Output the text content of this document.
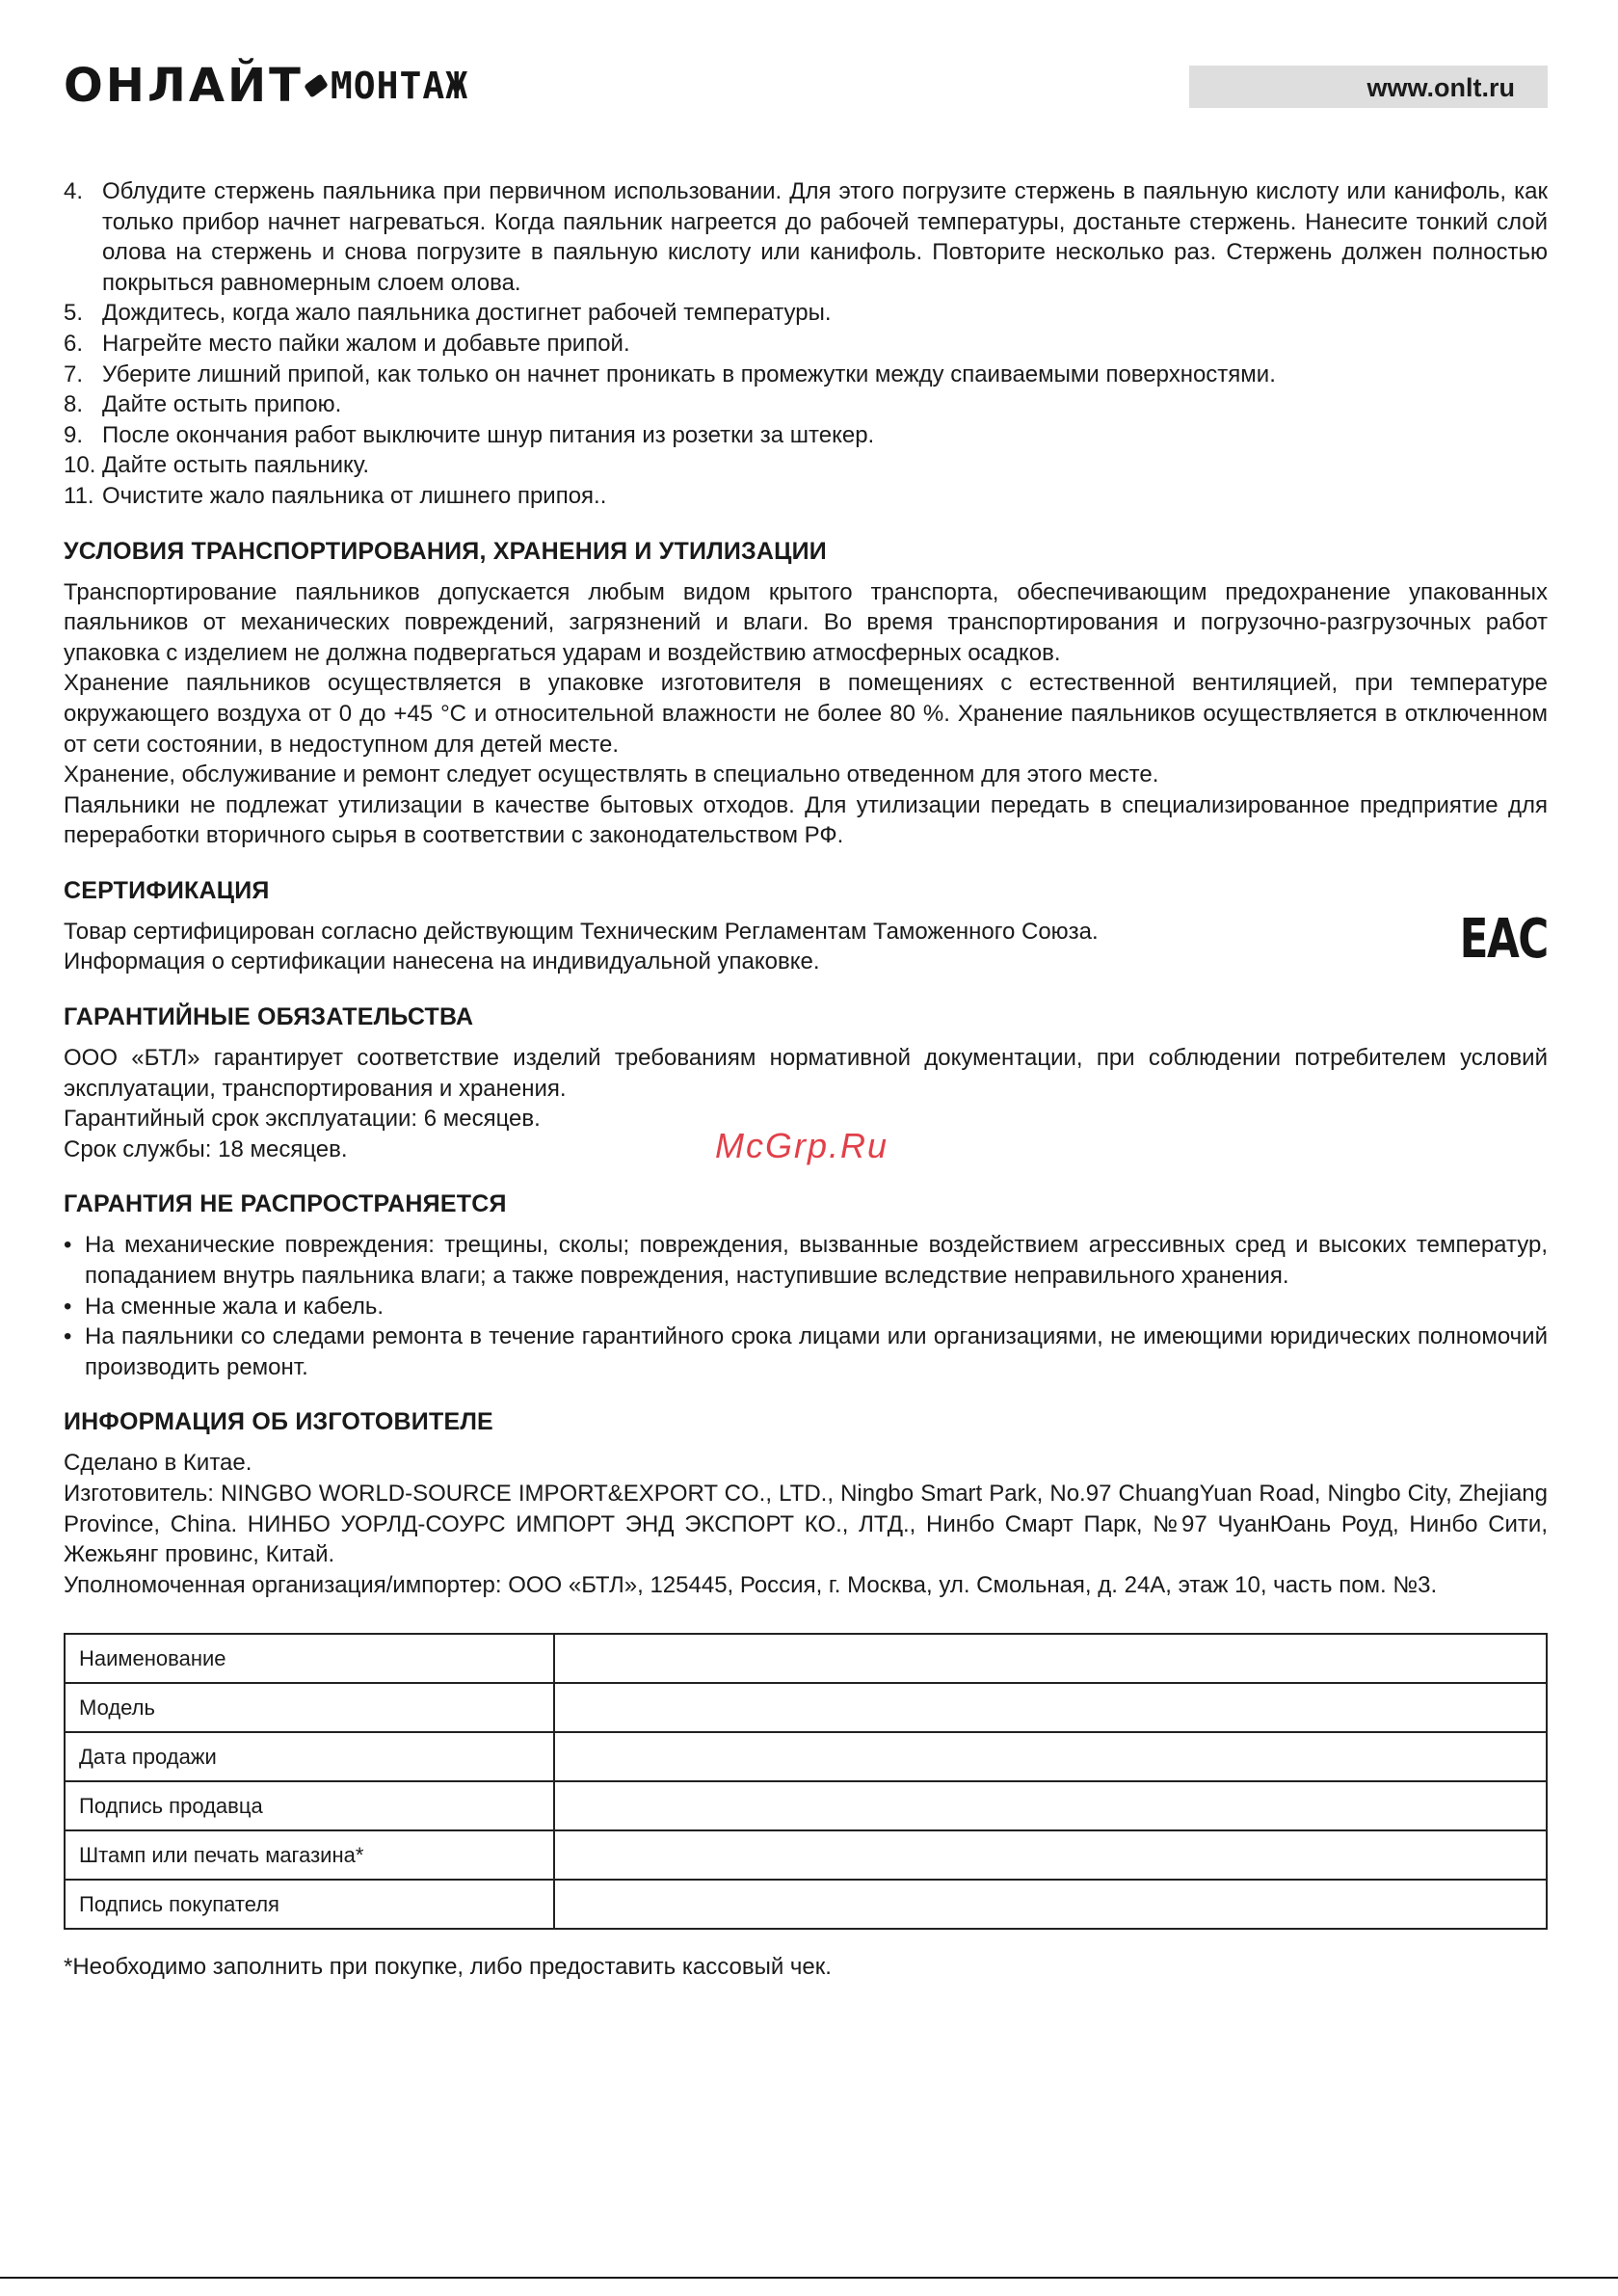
ОНЛАЙТ МОНТАЖ	www.onlt.ru
4. Облудите стержень паяльника при первичном использовании. Для этого погрузите стержень в паяльную кислоту или канифоль, как только прибор начнет нагреваться. Когда паяльник нагреется до рабочей температуры, достаньте стержень. Нанесите тонкий слой олова на стержень и снова погрузите в паяльную кислоту или канифоль. Повторите несколько раз. Стержень должен полностью покрыться равномерным слоем олова.
5. Дождитесь, когда жало паяльника достигнет рабочей температуры.
6. Нагрейте место пайки жалом и добавьте припой.
7. Уберите лишний припой, как только он начнет проникать в промежутки между спаиваемыми поверхностями.
8. Дайте остыть припою.
9. После окончания работ выключите шнур питания из розетки за штекер.
10. Дайте остыть паяльнику.
11. Очистите жало паяльника от лишнего припоя..
УСЛОВИЯ ТРАНСПОРТИРОВАНИЯ, ХРАНЕНИЯ И УТИЛИЗАЦИИ

Транспортирование паяльников допускается любым видом крытого транспорта, обеспечивающим предохранение упакованных паяльников от механических повреждений, загрязнений и влаги. Во время транспортирования и погрузочно-разгрузочных работ упаковка с изделием не должна подвергаться ударам и воздействию атмосферных осадков.

Хранение паяльников осуществляется в упаковке изготовителя в помещениях с естественной вентиляцией, при температуре окружающего воздуха от 0 до +45 °C и относительной влажности не более 80 %. Хранение паяльников осуществляется в отключенном от сети состоянии, в недоступном для детей месте.

Хранение, обслуживание и ремонт следует осуществлять в специально отведенном для этого месте.

Паяльники не подлежат утилизации в качестве бытовых отходов. Для утилизации передать в специализированное предприятие для переработки вторичного сырья в соответствии с законодательством РФ.

СЕРТИФИКАЦИЯ

Товар сертифицирован согласно действующим Техническим Регламентам Таможенного Союза.

Информация о сертификации нанесена на индивидуальной упаковке.	EAC
ГАРАНТИЙНЫЕ ОБЯЗАТЕЛЬСТВА

ООО «БТЛ» гарантирует соответствие изделий требованиям нормативной документации, при соблюдении потребителем условий эксплуатации, транспортирования и хранения.

Гарантийный срок эксплуатации: 6 месяцев.

Срок службы: 18 месяцев.

ГАРАНТИЯ НЕ РАСПРОСТРАНЯЕТСЯ
• На механические повреждения: трещины, сколы; повреждения, вызванные воздействием агрессивных сред и высоких температур, попаданием внутрь паяльника влаги; а также повреждения, наступившие вследствие неправильного хранения.
• На сменные жала и кабель.
• На паяльники со следами ремонта в течение гарантийного срока лицами или организациями, не имеющими юридических полномочий производить ремонт.
ИНФОРМАЦИЯ ОБ ИЗГОТОВИТЕЛЕ

Сделано в Китае.

Изготовитель: NINGBO WORLD-SOURCE IMPORT&EXPORT CO., LTD., Ningbo Smart Park, No.97 ChuangYuan Road, Ningbo City, Zhejiang Province, China. НИНБО УОРЛД-СОУРС ИМПОРТ ЭНД ЭКСПОРТ КО., ЛТД., Нинбо Смарт Парк, №97 ЧуанЮань Роуд, Нинбо Сити, Жежьянг провинс, Китай.

Уполномоченная организация/импортер: ООО «БТЛ», 125445, Россия, г. Москва, ул. Смольная, д. 24А, этаж 10, часть пом. №3.

Наименование	
Модель	
Дата продажи	
Подпись продавца	
Штамп или печать магазина*	
Подпись покупателя	
*Необходимо заполнить при покупке, либо предоставить кассовый чек.
McGrp.Ru
